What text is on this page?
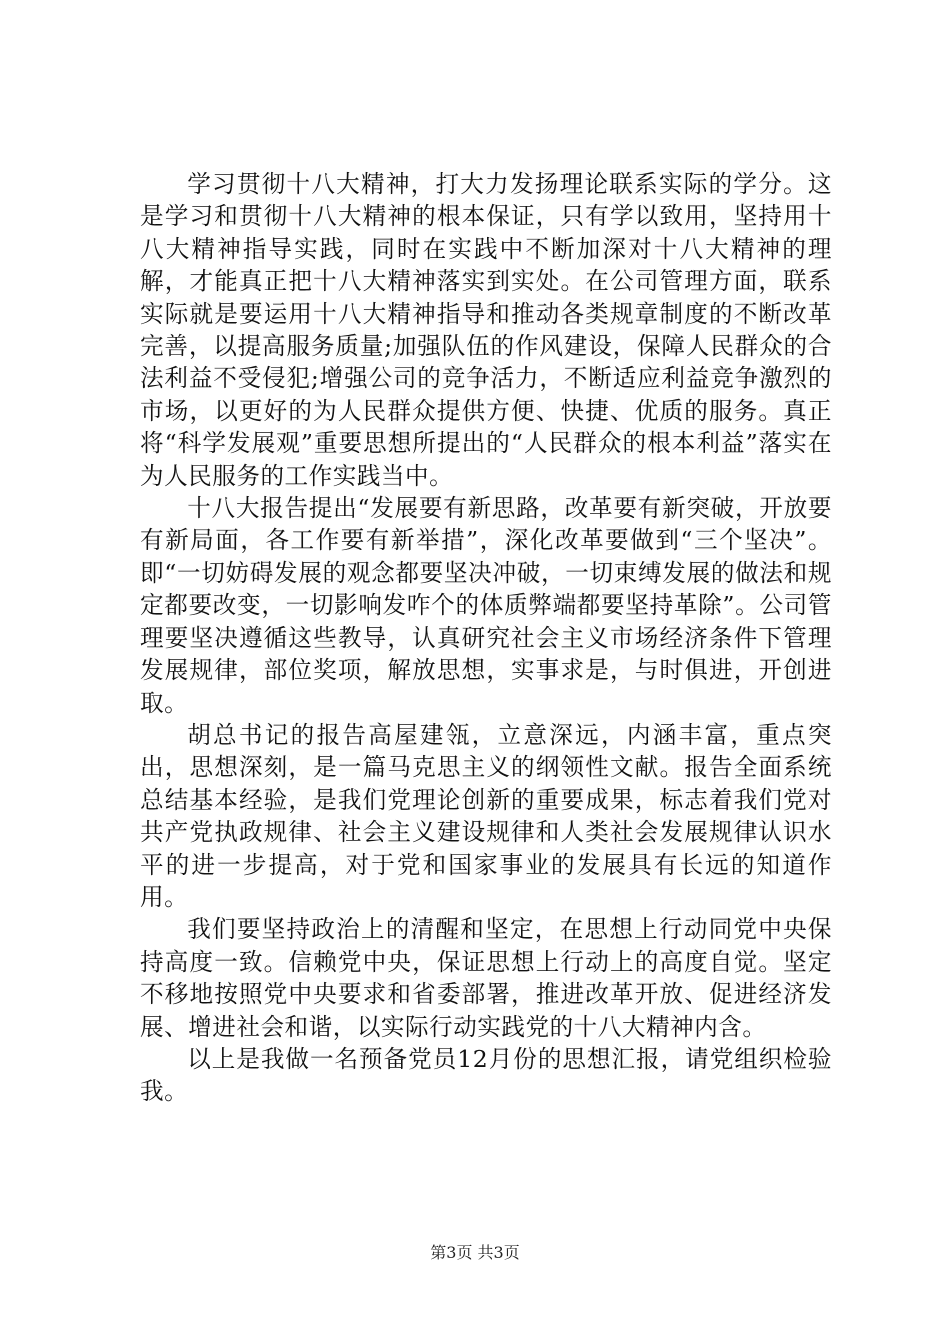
学习贯彻十八大精神，打大力发扬理论联系实际的学分。这是学习和贯彻十八大精神的根本保证，只有学以致用，坚持用十八大精神指导实践，同时在实践中不断加深对十八大精神的理解，才能真正把十八大精神落实到实处。在公司管理方面，联系实际就是要运用十八大精神指导和推动各类规章制度的不断改革完善，以提高服务质量;加强队伍的作风建设，保障人民群众的合法利益不受侵犯;增强公司的竞争活力，不断适应利益竞争激烈的市场，以更好的为人民群众提供方便、快捷、优质的服务。真正将“科学发展观”重要思想所提出的“人民群众的根本利益”落实在为人民服务的工作实践当中。

十八大报告提出“发展要有新思路，改革要有新突破，开放要有新局面，各工作要有新举措”，深化改革要做到“三个坚决”。即“一切妨碍发展的观念都要坚决冲破，一切束缚发展的做法和规定都要改变，一切影响发咋个的体质弊端都要坚持革除”。公司管理要坚决遵循这些教导，认真研究社会主义市场经济条件下管理发展规律，部位奖项，解放思想，实事求是，与时俱进，开创进取。

胡总书记的报告高屋建瓴，立意深远，内涵丰富，重点突出，思想深刻，是一篇马克思主义的纲领性文献。报告全面系统总结基本经验，是我们党理论创新的重要成果，标志着我们党对共产党执政规律、社会主义建设规律和人类社会发展规律认识水平的进一步提高，对于党和国家事业的发展具有长远的知道作用。

我们要坚持政治上的清醒和坚定，在思想上行动同党中央保持高度一致。信赖党中央，保证思想上行动上的高度自觉。坚定不移地按照党中央要求和省委部署，推进改革开放、促进经济发展、增进社会和谐，以实际行动实践党的十八大精神内含。

以上是我做一名预备党员12月份的思想汇报，请党组织检验我。

第3页 共3页
